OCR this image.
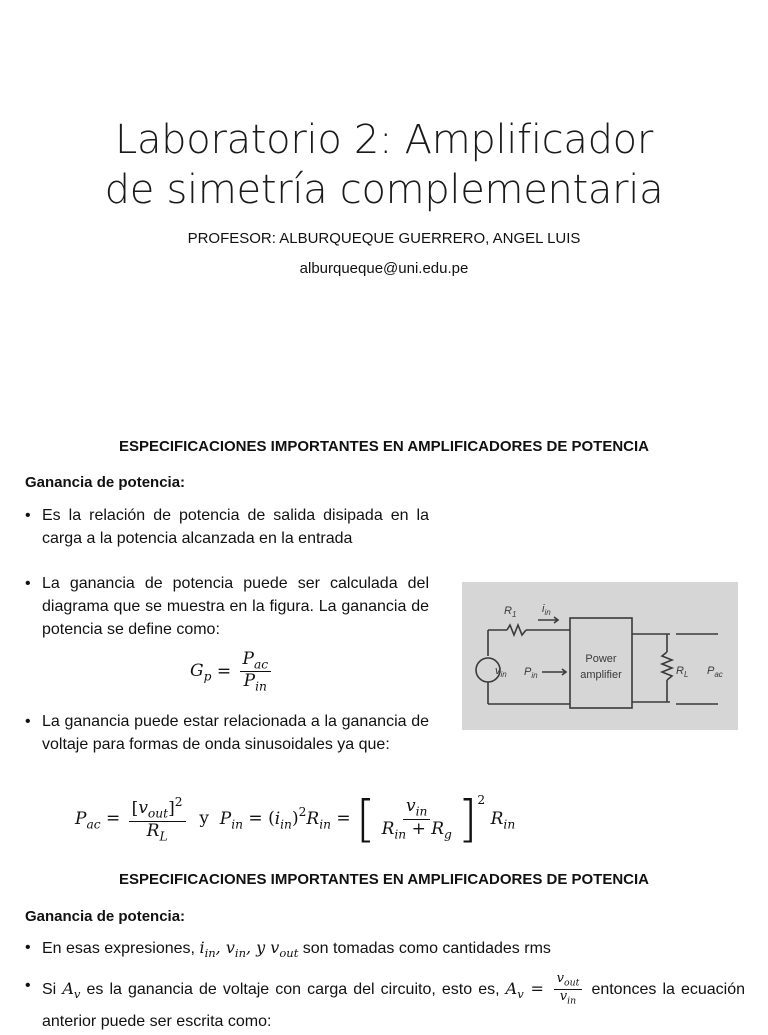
Laboratorio 2: Amplificador
de simetría complementaria
PROFESOR: ALBURQUEQUE GUERRERO, ANGEL LUIS
alburqueque@uni.edu.pe
ESPECIFICACIONES IMPORTANTES EN AMPLIFICADORES DE POTENCIA
Ganancia de potencia:
• Es la relación de potencia de salida disipada en la carga a la potencia alcanzada en la entrada
• La ganancia de potencia puede ser calculada del diagrama que se muestra en la figura. La ganancia de potencia se define como:
$G_p = \frac{P_{ac}}{P_{in}}$
• La ganancia puede estar relacionada a la ganancia de voltaje para formas de onda sinusoidales ya que:
$P_{ac} = \frac{[v_{out}]^2}{R_L}$ y $P_{in} = (i_{in})^2R_{in}$ = [ $\frac{v_{in}}{R_{in} + R_g} ]^2$ $R_{in}$
$R_1$ $i_{in}$
$v_{in}$ $P_{in}$	$R_L$ $P_{ac}$
Power
amplifier
ESPECIFICACIONES IMPORTANTES EN AMPLIFICADORES DE POTENCIA
Ganancia de potencia:
• En esas expresiones, $i_{in}$, $v_{in}$, y $v_{out}$ son tomadas como cantidades rms
• Si $A_v$ es la ganancia de voltaje con carga del circuito, esto es, $A_v = \frac{v_{out}}{v_{in}}$ entonces la ecuación anterior puede ser escrita como:
